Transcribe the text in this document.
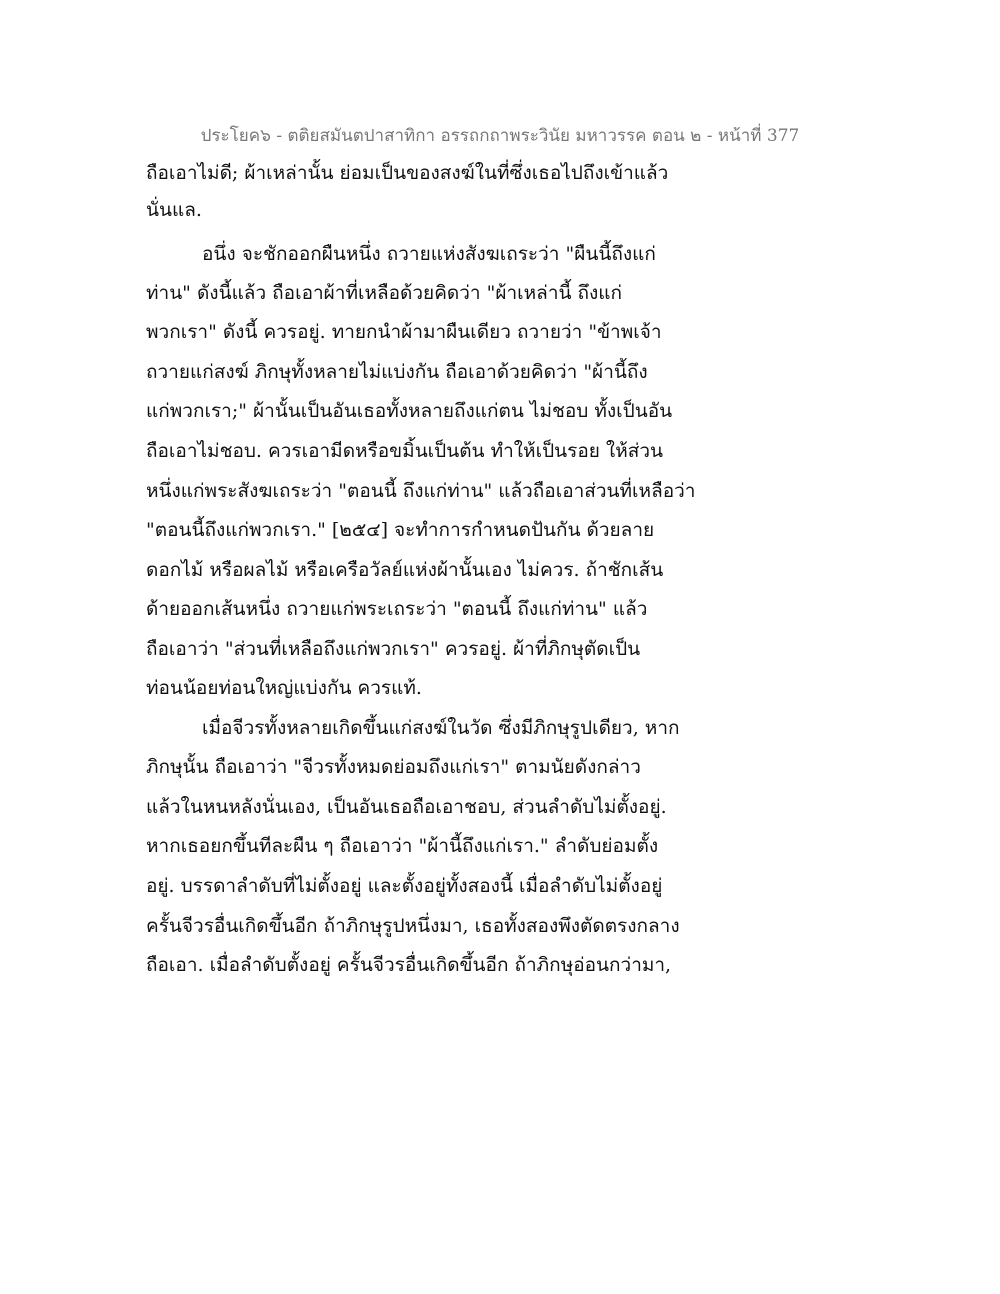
ประโยค๖ - ตติยสมันตปาสาทิกา อรรถกถาพระวินัย มหาวรรค ตอน ๒ - หน้าที่ 377
ถือเอาไม่ดี; ผ้าเหล่านั้น ย่อมเป็นของสงฆ์ในที่ซึ่งเธอไปถึงเข้าแล้ว
นั่นแล.
อนึ่ง จะชักออกผืนหนึ่ง ถวายแห่งสังฆเถระว่า "ผืนนี้ถึงแก่
ท่าน" ดังนี้แล้ว ถือเอาผ้าที่เหลือด้วยคิดว่า "ผ้าเหล่านี้ ถึงแก่
พวกเรา" ดังนี้ ควรอยู่. ทายกนำผ้ามาผืนเดียว ถวายว่า "ข้าพเจ้า
ถวายแก่สงฆ์ ภิกษุทั้งหลายไม่แบ่งกัน ถือเอาด้วยคิดว่า "ผ้านี้ถึง
แก่พวกเรา;" ผ้านั้นเป็นอันเธอทั้งหลายถึงแก่ตน ไม่ชอบ ทั้งเป็นอัน
ถือเอาไม่ชอบ. ควรเอามีดหรือขมิ้นเป็นต้น ทำให้เป็นรอย ให้ส่วน
หนึ่งแก่พระสังฆเถระว่า "ตอนนี้ ถึงแก่ท่าน" แล้วถือเอาส่วนที่เหลือว่า
"ตอนนี้ถึงแก่พวกเรา." [๒๕๔] จะทำการกำหนดปันกัน ด้วยลาย
ดอกไม้ หรือผลไม้ หรือเครือวัลย์แห่งผ้านั้นเอง ไม่ควร. ถ้าชักเส้น
ด้ายออกเส้นหนึ่ง ถวายแก่พระเถระว่า "ตอนนี้ ถึงแก่ท่าน" แล้ว
ถือเอาว่า "ส่วนที่เหลือถึงแก่พวกเรา" ควรอยู่. ผ้าที่ภิกษุตัดเป็น
ท่อนน้อยท่อนใหญ่แบ่งกัน ควรแท้.
เมื่อจีวรทั้งหลายเกิดขึ้นแก่สงฆ์ในวัด ซึ่งมีภิกษุรูปเดียว, หาก
ภิกษุนั้น ถือเอาว่า "จีวรทั้งหมดย่อมถึงแก่เรา" ตามนัยดังกล่าว
แล้วในหนหลังนั่นเอง, เป็นอันเธอถือเอาชอบ, ส่วนลำดับไม่ตั้งอยู่.
หากเธอยกขึ้นทีละผืน ๆ ถือเอาว่า "ผ้านี้ถึงแก่เรา." ลำดับย่อมตั้ง
อยู่. บรรดาลำดับที่ไม่ตั้งอยู่ และตั้งอยู่ทั้งสองนี้ เมื่อลำดับไม่ตั้งอยู่
ครั้นจีวรอื่นเกิดขึ้นอีก ถ้าภิกษุรูปหนึ่งมา, เธอทั้งสองพึงตัดตรงกลาง
ถือเอา. เมื่อลำดับตั้งอยู่ ครั้นจีวรอื่นเกิดขึ้นอีก ถ้าภิกษุอ่อนกว่ามา,
